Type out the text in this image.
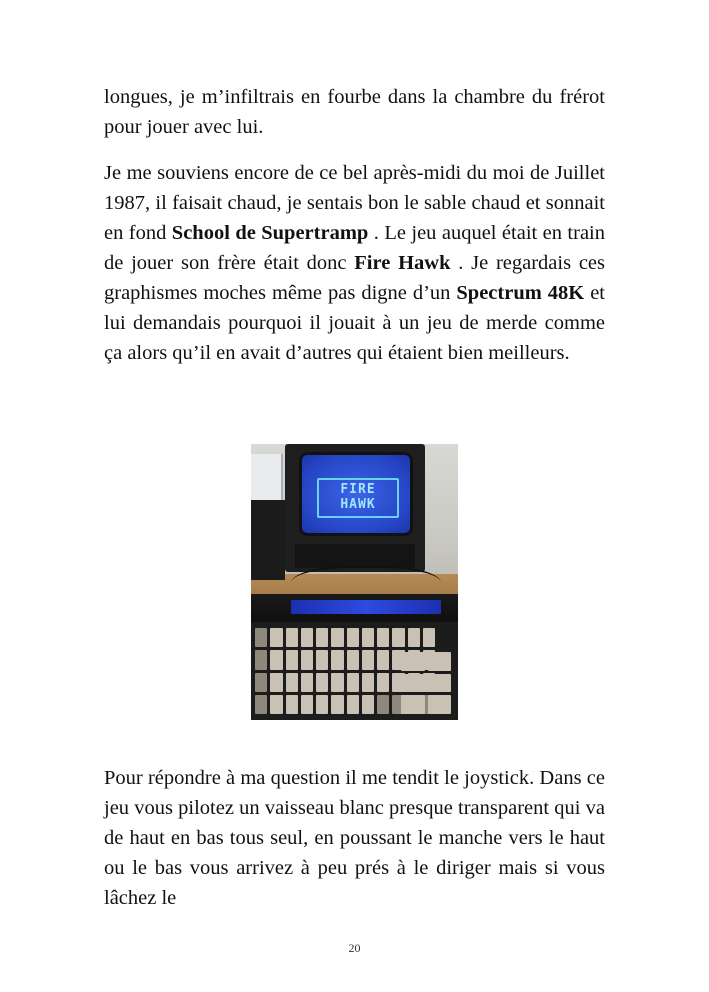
longues, je m’infiltrais en fourbe dans la chambre du frérot pour jouer avec lui.

Je me souviens encore de ce bel après-midi du moi de Juillet 1987, il faisait chaud, je sentais bon le sable chaud et sonnait en fond School de Supertramp . Le jeu auquel était en train de jouer son frère était donc Fire Hawk . Je regardais ces graphismes moches même pas digne d’un Spectrum 48K et lui demandais pourquoi il jouait à un jeu de merde comme ça alors qu’il en avait d’autres qui étaient bien meilleurs.

FIRE
HAWK

Pour répondre à ma question il me tendit le joystick. Dans ce jeu vous pilotez un vaisseau blanc presque transparent qui va de haut en bas tous seul, en poussant le manche vers le haut ou le bas vous arrivez à peu prés à le diriger mais si vous lâchez le

20
